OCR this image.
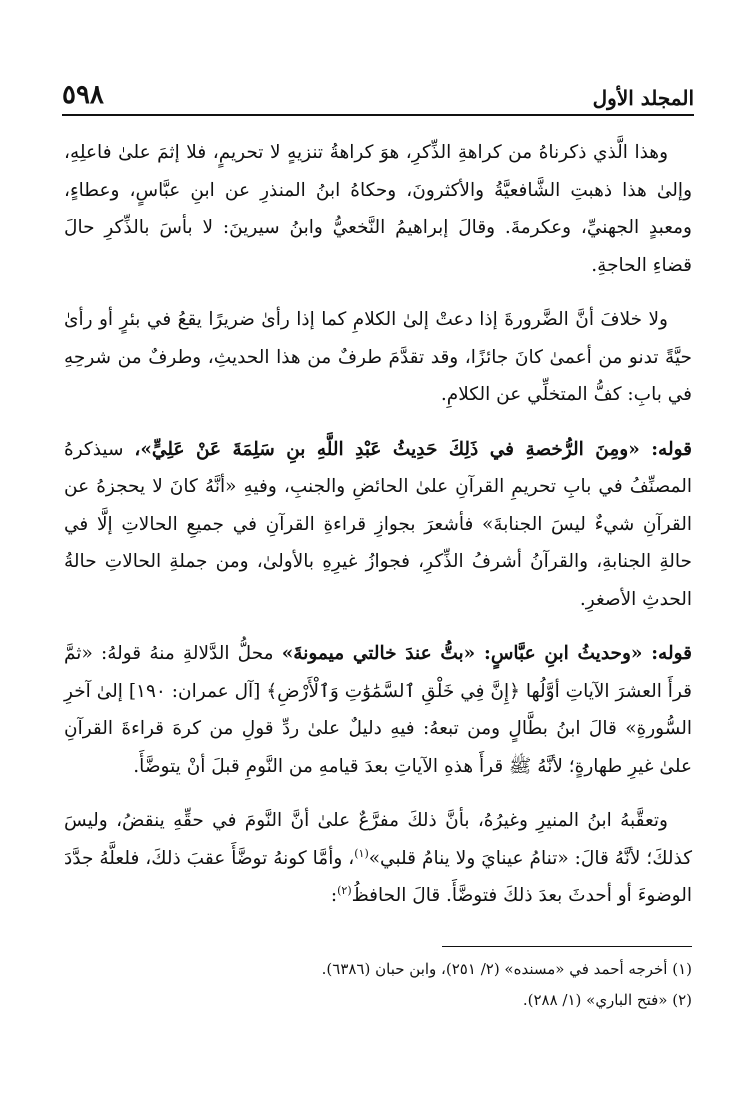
٥٩٨	المجلد الأول

وهذا الَّذي ذكرناهُ من كراهةِ الذِّكرِ، هوَ كراهةُ تنزيهٍ لا تحريمٍ، فلا إثمَ علىٰ فاعلِهِ، وإلىٰ هذا ذهبتِ الشَّافعيَّةُ والأكثرونَ، وحكاهُ ابنُ المنذرِ عن ابنِ عبَّاسٍ، وعطاءٍ، ومعبدٍ الجهنيِّ، وعكرمةَ. وقالَ إبراهيمُ النَّخعيُّ وابنُ سيرينَ: لا بأسَ بالذِّكرِ حالَ قضاءِ الحاجةِ.

ولا خلافَ أنَّ الضَّرورةَ إذا دعتْ إلىٰ الكلامِ كما إذا رأىٰ ضريرًا يقعُ في بئرٍ أو رأىٰ حيَّةً تدنو من أعمىٰ كانَ جائزًا، وقد تقدَّمَ طرفٌ من هذا الحديثِ، وطرفٌ من شرحِهِ في بابِ: كفُّ المتخلِّي عن الكلامِ.

قوله: «ومِنَ الرُّخصةِ في ذَلِكَ حَدِيثُ عَبْدِ اللَّهِ بنِ سَلِمَةَ عَنْ عَلِيٍّ»، سيذكرهُ المصنِّفُ في بابِ تحريمِ القرآنِ علىٰ الحائضِ والجنبِ، وفيهِ «أنَّهُ كانَ لا يحجزهُ عن القرآنِ شيءٌ ليسَ الجنابةَ» فأشعرَ بجوازِ قراءةِ القرآنِ في جميعِ الحالاتِ إلَّا في حالةِ الجنابةِ، والقرآنُ أشرفُ الذِّكرِ، فجوازُ غيرِهِ بالأولىٰ، ومن جملةِ الحالاتِ حالةُ الحدثِ الأصغرِ.

قوله: «وحديثُ ابنِ عبَّاسٍ: «بتُّ عندَ خالتي ميمونةَ» محلُّ الدَّلالةِ منهُ قولهُ: «ثمَّ قرأَ العشرَ الآياتِ أوَّلُها ﴿إِنَّ فِي خَلْقِ ٱلسَّمَٰوَٰتِ وَٱلْأَرْضِ﴾ [آل عمران: ١٩٠] إلىٰ آخرِ السُّورةِ» قالَ ابنُ بطَّالٍ ومن تبعهُ: فيهِ دليلٌ علىٰ ردِّ قولِ من كرهَ قراءةَ القرآنِ علىٰ غيرِ طهارةٍ؛ لأنَّهُ ﷺ قرأَ هذهِ الآياتِ بعدَ قيامهِ من النَّومِ قبلَ أنْ يتوضَّأَ.

وتعقَّبهُ ابنُ المنيرِ وغيرُهُ، بأنَّ ذلكَ مفرَّعٌ علىٰ أنَّ النَّومَ في حقِّهِ ينقضُ، وليسَ كذلكَ؛ لأنَّهُ قالَ: «تنامُ عينايَ ولا ينامُ قلبي»$^{(١)}$، وأمَّا كونهُ توضَّأَ عقبَ ذلكَ، فلعلَّهُ جدَّدَ الوضوءَ أو أحدثَ بعدَ ذلكَ فتوضَّأَ. قالَ الحافظُ$^{(٢)}$:

(١) أخرجه أحمد في «مسنده» (٢/ ٢٥١)، وابن حبان (٦٣٨٦).

(٢) «فتح الباري» (١/ ٢٨٨).
